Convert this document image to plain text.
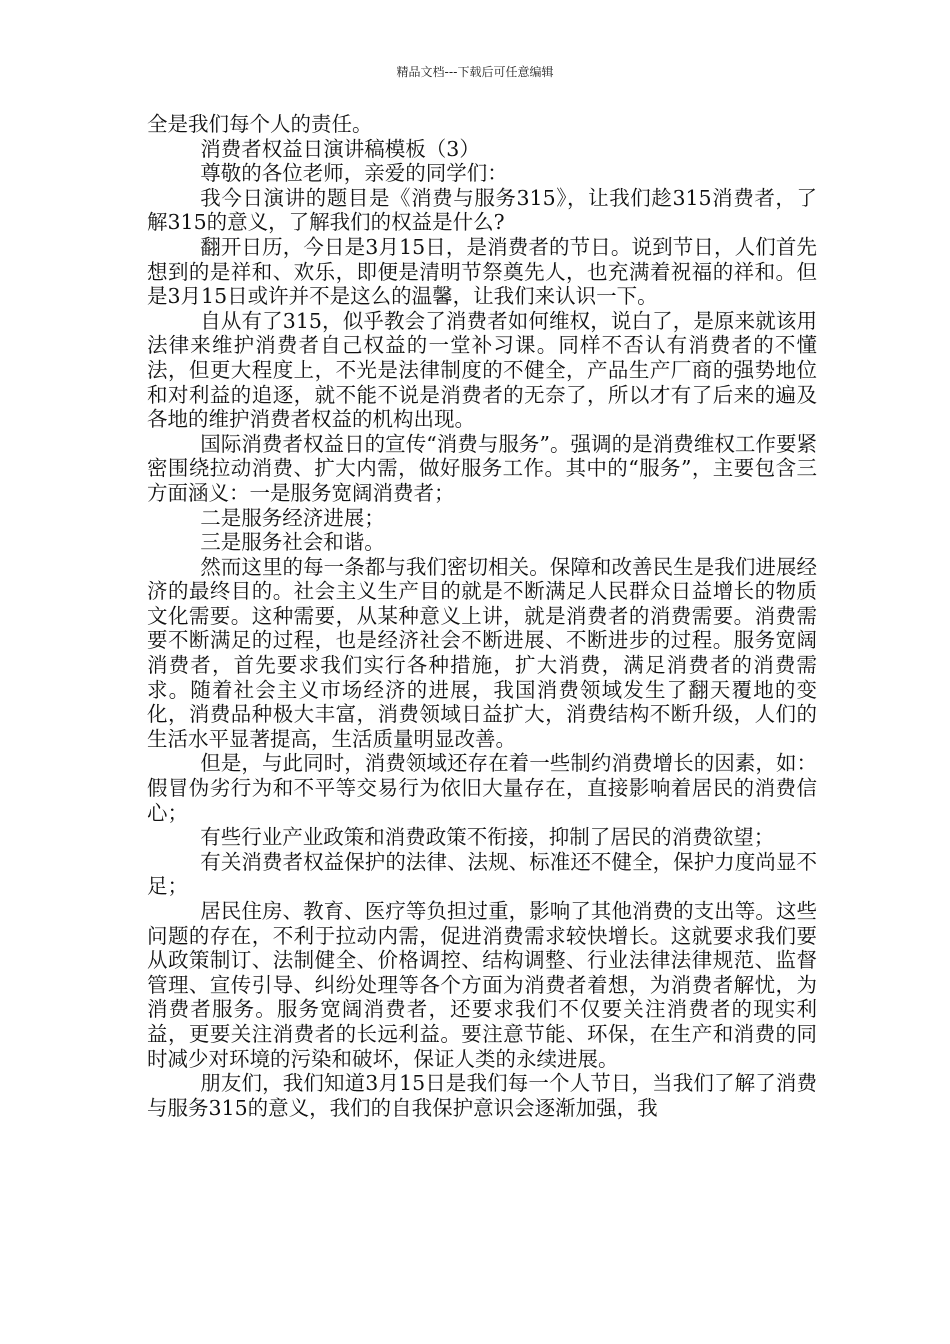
精品文档---下载后可任意编辑

全是我们每个人的责任。

消费者权益日演讲稿模板（3）

尊敬的各位老师，亲爱的同学们：

我今日演讲的题目是《消费与服务315》，让我们趁315消费者，了解315的意义，了解我们的权益是什么?

翻开日历，今日是3月15日，是消费者的节日。说到节日，人们首先想到的是祥和、欢乐，即便是清明节祭奠先人，也充满着祝福的祥和。但是3月15日或许并不是这么的温馨，让我们来认识一下。

自从有了315，似乎教会了消费者如何维权，说白了，是原来就该用法律来维护消费者自己权益的一堂补习课。同样不否认有消费者的不懂法，但更大程度上，不光是法律制度的不健全，产品生产厂商的强势地位和对利益的追逐，就不能不说是消费者的无奈了，所以才有了后来的遍及各地的维护消费者权益的机构出现。

国际消费者权益日的宣传“消费与服务”。强调的是消费维权工作要紧密围绕拉动消费、扩大内需，做好服务工作。其中的“服务”，主要包含三方面涵义：一是服务宽阔消费者；

二是服务经济进展；

三是服务社会和谐。

然而这里的每一条都与我们密切相关。保障和改善民生是我们进展经济的最终目的。社会主义生产目的就是不断满足人民群众日益增长的物质文化需要。这种需要，从某种意义上讲，就是消费者的消费需要。消费需要不断满足的过程，也是经济社会不断进展、不断进步的过程。服务宽阔消费者，首先要求我们实行各种措施，扩大消费，满足消费者的消费需求。随着社会主义市场经济的进展，我国消费领域发生了翻天覆地的变化，消费品种极大丰富，消费领域日益扩大，消费结构不断升级，人们的生活水平显著提高，生活质量明显改善。

但是，与此同时，消费领域还存在着一些制约消费增长的因素，如：假冒伪劣行为和不平等交易行为依旧大量存在，直接影响着居民的消费信心；

有些行业产业政策和消费政策不衔接，抑制了居民的消费欲望；

有关消费者权益保护的法律、法规、标准还不健全，保护力度尚显不足；

居民住房、教育、医疗等负担过重，影响了其他消费的支出等。这些问题的存在，不利于拉动内需，促进消费需求较快增长。这就要求我们要从政策制订、法制健全、价格调控、结构调整、行业法律法律规范、监督管理、宣传引导、纠纷处理等各个方面为消费者着想，为消费者解忧，为消费者服务。服务宽阔消费者，还要求我们不仅要关注消费者的现实利益，更要关注消费者的长远利益。要注意节能、环保，在生产和消费的同时减少对环境的污染和破坏，保证人类的永续进展。

朋友们，我们知道3月15日是我们每一个人节日，当我们了解了消费与服务315的意义，我们的自我保护意识会逐渐加强，我
